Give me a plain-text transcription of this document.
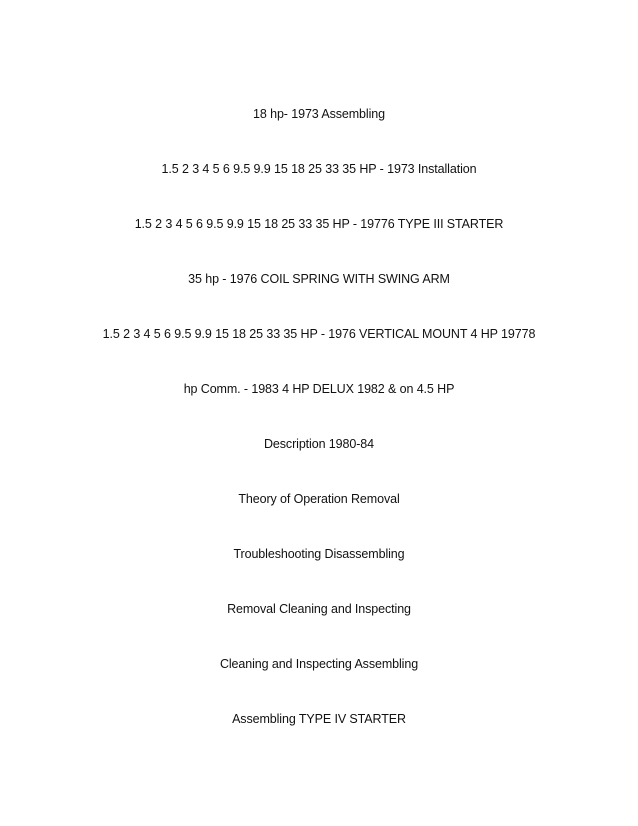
18 hp- 1973 Assembling
1.5 2 3 4 5 6 9.5 9.9 15 18 25 33 35 HP - 1973 Installation
1.5 2 3 4 5 6 9.5 9.9 15 18 25 33 35 HP - 19776 TYPE III STARTER
35 hp - 1976 COIL SPRING WITH SWING ARM
1.5 2 3 4 5 6 9.5 9.9 15 18 25 33 35 HP - 1976 VERTICAL MOUNT 4 HP 19778
hp Comm. - 1983 4 HP DELUX 1982 & on 4.5 HP
Description 1980-84
Theory of Operation Removal
Troubleshooting Disassembling
Removal Cleaning and Inspecting
Cleaning and Inspecting Assembling
Assembling TYPE IV STARTER
